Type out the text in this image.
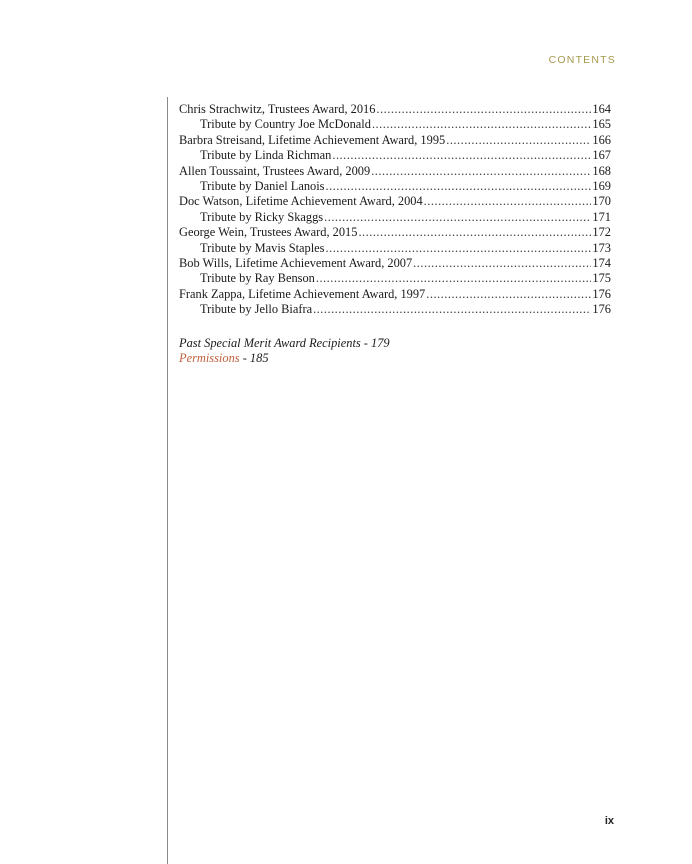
CONTENTS
Chris Strachwitz, Trustees Award, 2016 .....	164
Tribute by Country Joe McDonald .....	165
Barbra Streisand, Lifetime Achievement Award, 1995 .....	166
Tribute by Linda Richman .....	167
Allen Toussaint, Trustees Award, 2009 .....	168
Tribute by Daniel Lanois .....	169
Doc Watson, Lifetime Achievement Award, 2004 .....	170
Tribute by Ricky Skaggs .....	171
George Wein, Trustees Award, 2015 .....	172
Tribute by Mavis Staples .....	173
Bob Wills, Lifetime Achievement Award, 2007 .....	174
Tribute by Ray Benson .....	175
Frank Zappa, Lifetime Achievement Award, 1997 .....	176
Tribute by Jello Biafra .....	176
Past Special Merit Award Recipients - 179
Permissions - 185
ix
